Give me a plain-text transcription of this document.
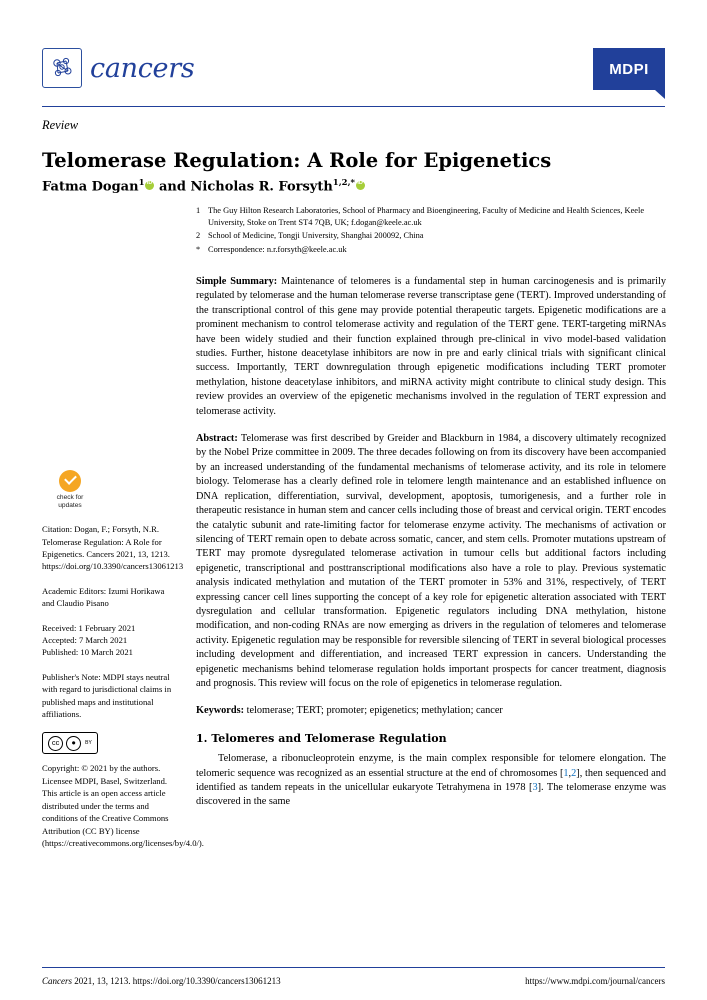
cancers	MDPI
Review
Telomerase Regulation: A Role for Epigenetics
Fatma Dogan$^1$iD and Nicholas R. Forsyth$^{1,2,*}$iD
1 The Guy Hilton Research Laboratories, School of Pharmacy and Bioengineering, Faculty of Medicine and Health Sciences, Keele University, Stoke on Trent ST4 7QB, UK; f.dogan@keele.ac.uk
2 School of Medicine, Tongji University, Shanghai 200092, China
* Correspondence: n.r.forsyth@keele.ac.uk

Simple Summary: Maintenance of telomeres is a fundamental step in human carcinogenesis and is primarily regulated by telomerase and the human telomerase reverse transcriptase gene (TERT). Improved understanding of the transcriptional control of this gene may provide potential therapeutic targets. Epigenetic modifications are a prominent mechanism to control telomerase activity and regulation of the TERT gene. TERT-targeting miRNAs have been widely studied and their function explained through pre-clinical in vivo model-based validation studies. Further, histone deacetylase inhibitors are now in pre and early clinical trials with significant clinical success. Importantly, TERT downregulation through epigenetic modifications including TERT promoter methylation, histone deacetylase inhibitors, and miRNA activity might contribute to clinical study design. This review provides an overview of the epigenetic mechanisms involved in the regulation of TERT expression and telomerase activity.

Abstract: Telomerase was first described by Greider and Blackburn in 1984, a discovery ultimately recognized by the Nobel Prize committee in 2009. The three decades following on from its discovery have been accompanied by an increased understanding of the fundamental mechanisms of telomerase activity, and its role in telomere biology. Telomerase has a clearly defined role in telomere length maintenance and an established influence on DNA replication, differentiation, survival, development, apoptosis, tumorigenesis, and a further role in therapeutic resistance in human stem and cancer cells including those of breast and cervical origin. TERT encodes the catalytic subunit and rate-limiting factor for telomerase enzyme activity. The mechanisms of activation or silencing of TERT remain open to debate across somatic, cancer, and stem cells. Promoter mutations upstream of TERT may promote dysregulated telomerase activation in tumour cells but additional factors including epigenetic, transcriptional and posttranscriptional modifications also have a role to play. Previous systematic analysis indicated methylation and mutation of the TERT promoter in 53% and 31%, respectively, of TERT expressing cancer cell lines supporting the concept of a key role for epigenetic alteration associated with TERT dysregulation and cellular transformation. Epigenetic regulators including DNA methylation, histone modification, and non-coding RNAs are now emerging as drivers in the regulation of telomeres and telomerase activity. Epigenetic regulation may be responsible for reversible silencing of TERT in several biological processes including development and differentiation, and increased TERT expression in cancers. Understanding the epigenetic mechanisms behind telomerase regulation holds important prospects for cancer treatment, diagnosis and prognosis. This review will focus on the role of epigenetics in telomerase regulation.

Keywords: telomerase; TERT; promoter; epigenetics; methylation; cancer

1. Telomeres and Telomerase Regulation

Telomerase, a ribonucleoprotein enzyme, is the main complex responsible for telomere elongation. The telomeric sequence was recognized as an essential structure at the end of chromosomes [1,2], then sequenced and identified as tandem repeats in the unicellular eukaryote Tetrahymena in 1978 [3]. The telomerase enzyme was discovered in the same

check for
updates

Citation: Dogan, F.; Forsyth, N.R. Telomerase Regulation: A Role for Epigenetics. Cancers 2021, 13, 1213. https://doi.org/10.3390/cancers13061213

Academic Editors: Izumi Horikawa and Claudio Pisano

Received: 1 February 2021

Accepted: 7 March 2021

Published: 10 March 2021

Publisher's Note: MDPI stays neutral with regard to jurisdictional claims in published maps and institutional affiliations.

cc	●	BY

Copyright: © 2021 by the authors. Licensee MDPI, Basel, Switzerland. This article is an open access article distributed under the terms and conditions of the Creative Commons Attribution (CC BY) license (https://creativecommons.org/licenses/by/4.0/).

Cancers 2021, 13, 1213. https://doi.org/10.3390/cancers13061213	https://www.mdpi.com/journal/cancers
